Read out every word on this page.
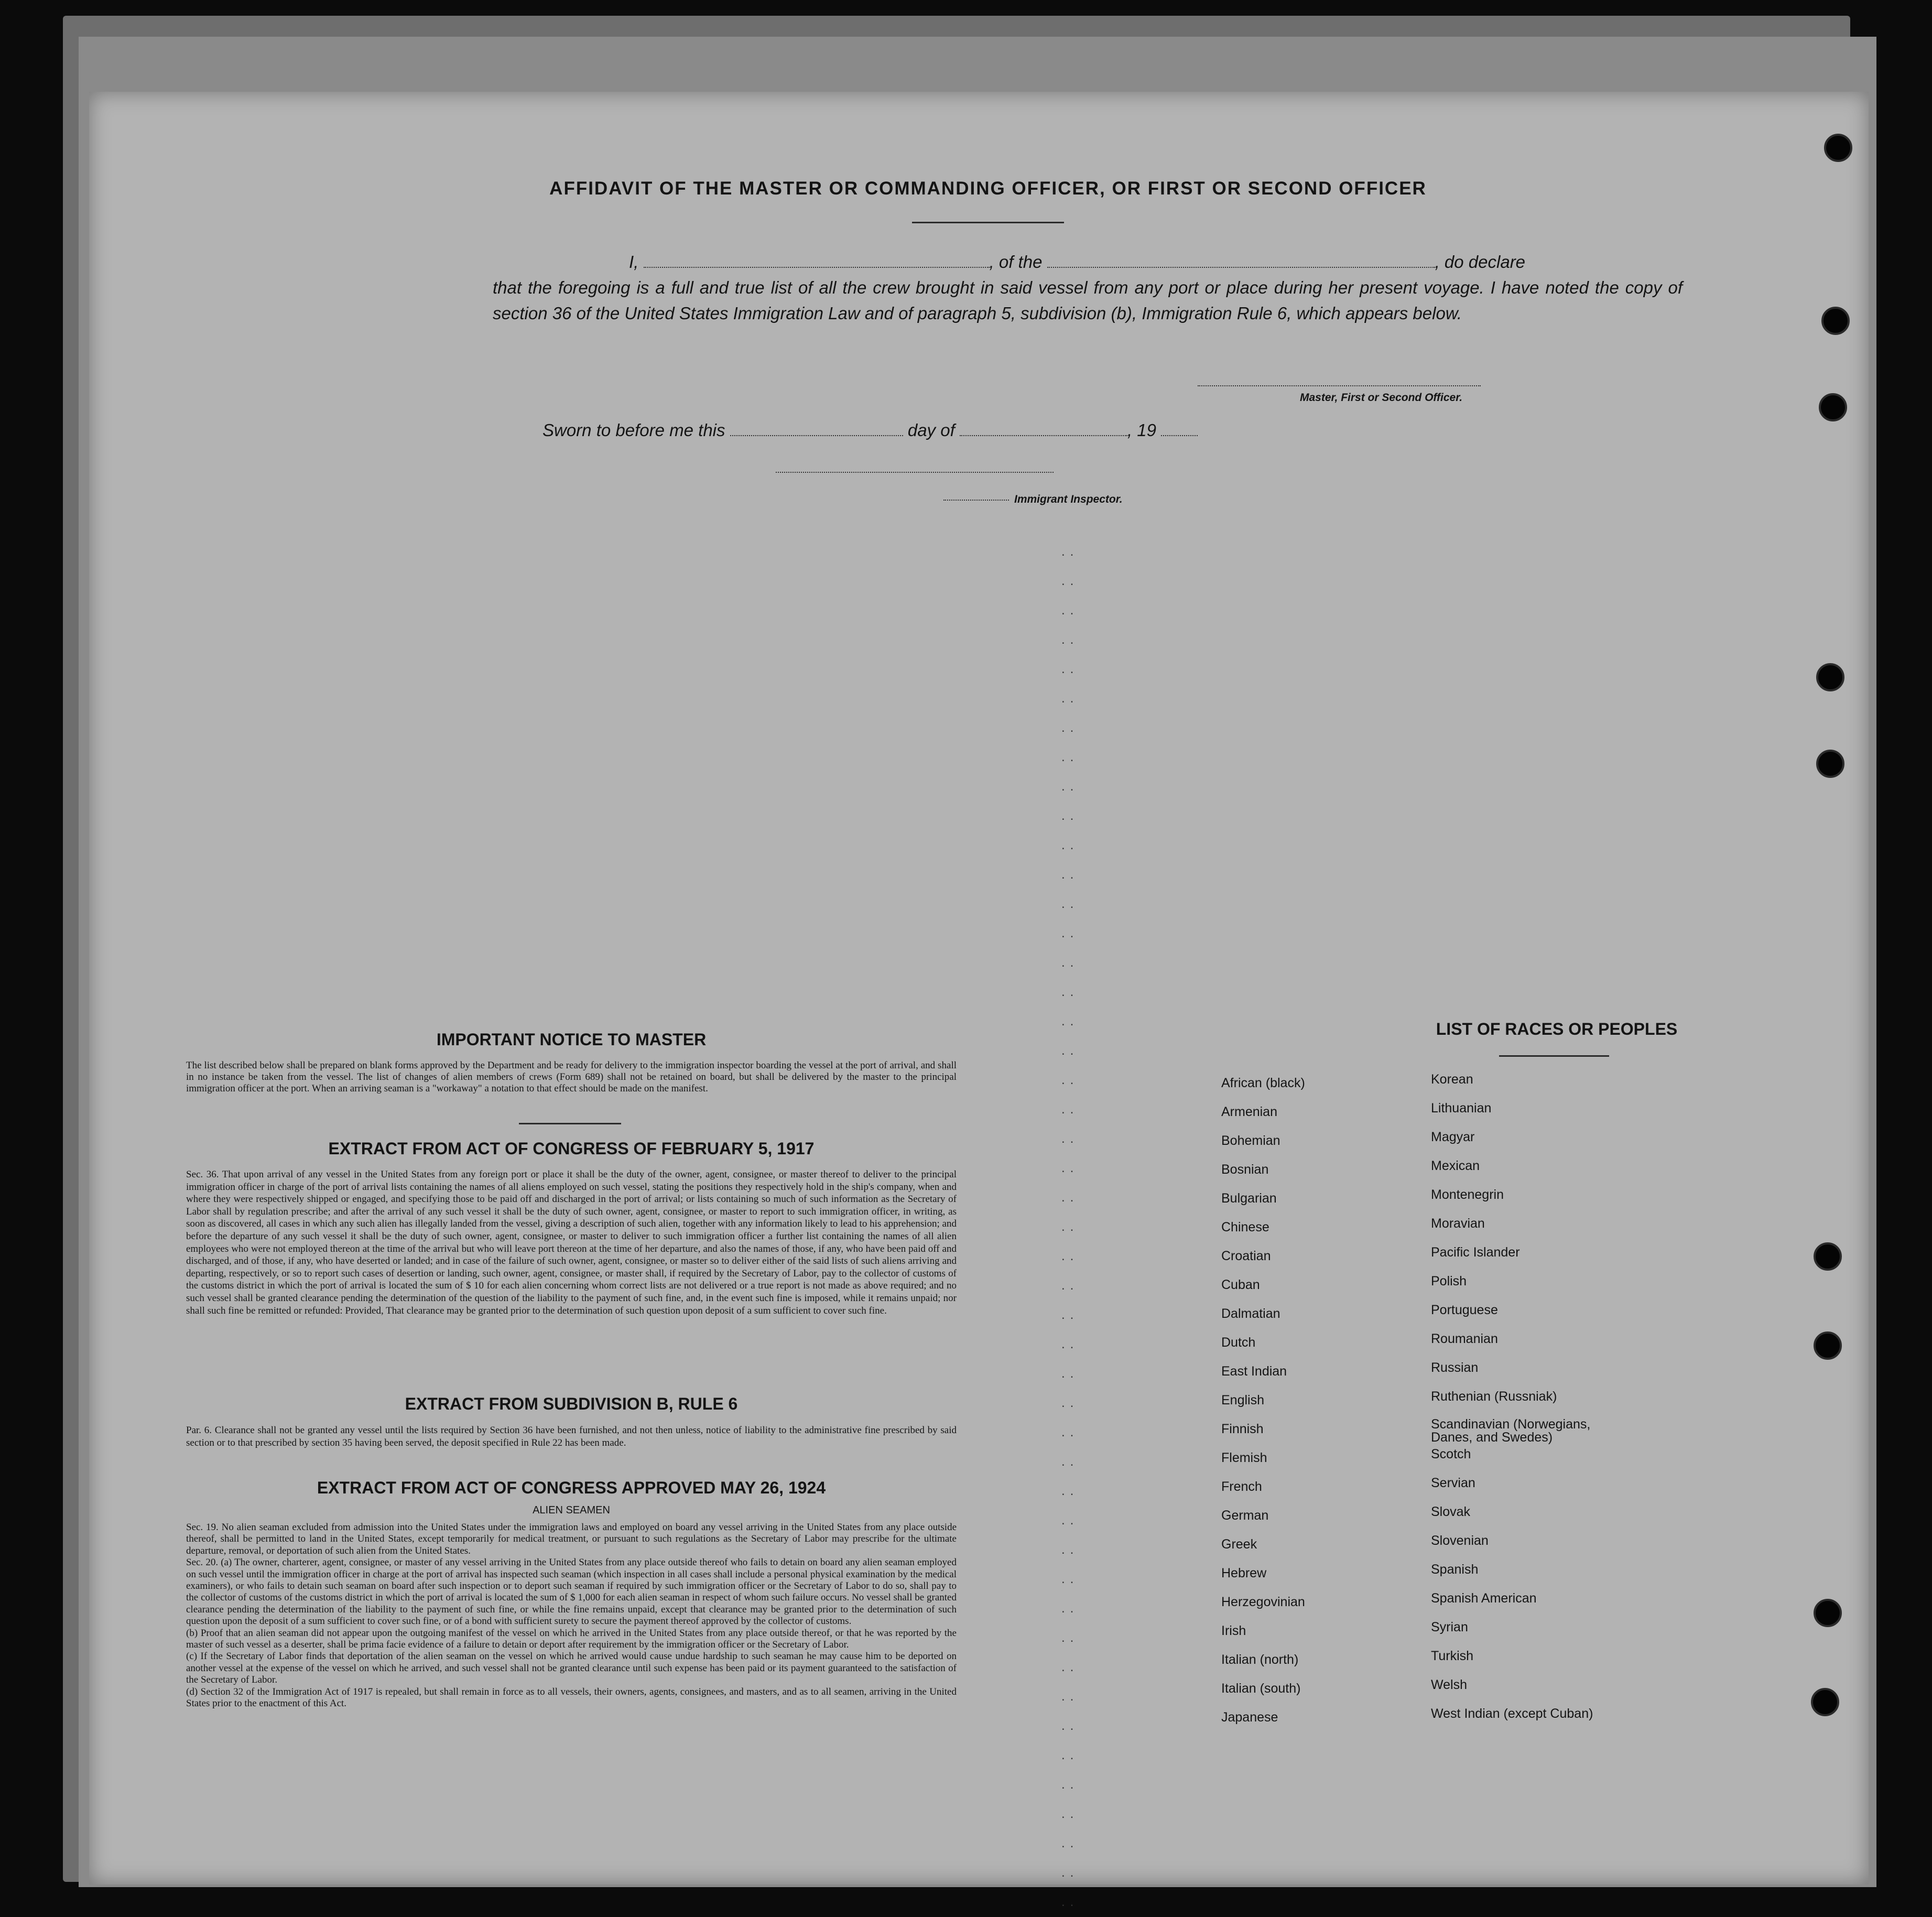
AFFIDAVIT OF THE MASTER OR COMMANDING OFFICER, OR FIRST OR SECOND OFFICER
I,	, of the	, do declare
that the foregoing is a full and true list of all the crew brought in said vessel from any port or place during her present voyage. I have noted the copy of section 36 of the United States Immigration Law and of paragraph 5, subdivision (b), Immigration Rule 6, which appears below.
Master, First or Second Officer.
Sworn to before me this	day of	, 19
Immigrant Inspector.
..
..
..
..
..
..
..
..
..
..
..
..
..
..
..
..
..
..
..
..
..
..
..
..
..
..
..
..
..
..
..
..
..
..
..
..
..
..
..
..
..
..
..
..
..
..
..
IMPORTANT NOTICE TO MASTER
The list described below shall be prepared on blank forms approved by the Department and be ready for delivery to the immigration inspector boarding the vessel at the port of arrival, and shall in no instance be taken from the vessel. The list of changes of alien members of crews (Form 689) shall not be retained on board, but shall be delivered by the master to the principal immigration officer at the port. When an arriving seaman is a "workaway" a notation to that effect should be made on the manifest.
EXTRACT FROM ACT OF CONGRESS OF FEBRUARY 5, 1917
Sec. 36. That upon arrival of any vessel in the United States from any foreign port or place it shall be the duty of the owner, agent, consignee, or master thereof to deliver to the principal immigration officer in charge of the port of arrival lists containing the names of all aliens employed on such vessel, stating the positions they respectively hold in the ship's company, when and where they were respectively shipped or engaged, and specifying those to be paid off and discharged in the port of arrival; or lists containing so much of such information as the Secretary of Labor shall by regulation prescribe; and after the arrival of any such vessel it shall be the duty of such owner, agent, consignee, or master to report to such immigration officer, in writing, as soon as discovered, all cases in which any such alien has illegally landed from the vessel, giving a description of such alien, together with any information likely to lead to his apprehension; and before the departure of any such vessel it shall be the duty of such owner, agent, consignee, or master to deliver to such immigration officer a further list containing the names of all alien employees who were not employed thereon at the time of the arrival but who will leave port thereon at the time of her departure, and also the names of those, if any, who have been paid off and discharged, and of those, if any, who have deserted or landed; and in case of the failure of such owner, agent, consignee, or master so to deliver either of the said lists of such aliens arriving and departing, respectively, or so to report such cases of desertion or landing, such owner, agent, consignee, or master shall, if required by the Secretary of Labor, pay to the collector of customs of the customs district in which the port of arrival is located the sum of $ 10 for each alien concerning whom correct lists are not delivered or a true report is not made as above required; and no such vessel shall be granted clearance pending the determination of the question of the liability to the payment of such fine, and, in the event such fine is imposed, while it remains unpaid; nor shall such fine be remitted or refunded: Provided, That clearance may be granted prior to the determination of such question upon deposit of a sum sufficient to cover such fine.
EXTRACT FROM SUBDIVISION B, RULE 6
Par. 6. Clearance shall not be granted any vessel until the lists required by Section 36 have been furnished, and not then unless, notice of liability to the administrative fine prescribed by said section or to that prescribed by section 35 having been served, the deposit specified in Rule 22 has been made.
EXTRACT FROM ACT OF CONGRESS APPROVED MAY 26, 1924
ALIEN SEAMEN
Sec. 19. No alien seaman excluded from admission into the United States under the immigration laws and employed on board any vessel arriving in the United States from any place outside thereof, shall be permitted to land in the United States, except temporarily for medical treatment, or pursuant to such regulations as the Secretary of Labor may prescribe for the ultimate departure, removal, or deportation of such alien from the United States.
Sec. 20. (a) The owner, charterer, agent, consignee, or master of any vessel arriving in the United States from any place outside thereof who fails to detain on board any alien seaman employed on such vessel until the immigration officer in charge at the port of arrival has inspected such seaman (which inspection in all cases shall include a personal physical examination by the medical examiners), or who fails to detain such seaman on board after such inspection or to deport such seaman if required by such immigration officer or the Secretary of Labor to do so, shall pay to the collector of customs of the customs district in which the port of arrival is located the sum of $ 1,000 for each alien seaman in respect of whom such failure occurs. No vessel shall be granted clearance pending the determination of the liability to the payment of such fine, or while the fine remains unpaid, except that clearance may be granted prior to the determination of such question upon the deposit of a sum sufficient to cover such fine, or of a bond with sufficient surety to secure the payment thereof approved by the collector of customs.
(b) Proof that an alien seaman did not appear upon the outgoing manifest of the vessel on which he arrived in the United States from any place outside thereof, or that he was reported by the master of such vessel as a deserter, shall be prima facie evidence of a failure to detain or deport after requirement by the immigration officer or the Secretary of Labor.
(c) If the Secretary of Labor finds that deportation of the alien seaman on the vessel on which he arrived would cause undue hardship to such seaman he may cause him to be deported on another vessel at the expense of the vessel on which he arrived, and such vessel shall not be granted clearance until such expense has been paid or its payment guaranteed to the satisfaction of the Secretary of Labor.
(d) Section 32 of the Immigration Act of 1917 is repealed, but shall remain in force as to all vessels, their owners, agents, consignees, and masters, and as to all seamen, arriving in the United States prior to the enactment of this Act.
LIST OF RACES OR PEOPLES
African (black)
Armenian
Bohemian
Bosnian
Bulgarian
Chinese
Croatian
Cuban
Dalmatian
Dutch
East Indian
English
Finnish
Flemish
French
German
Greek
Hebrew
Herzegovinian
Irish
Italian (north)
Italian (south)
Japanese
Korean
Lithuanian
Magyar
Mexican
Montenegrin
Moravian
Pacific Islander
Polish
Portuguese
Roumanian
Russian
Ruthenian (Russniak)
Scandinavian (Norwegians, Danes, and Swedes)
Scotch
Servian
Slovak
Slovenian
Spanish
Spanish American
Syrian
Turkish
Welsh
West Indian (except Cuban)
